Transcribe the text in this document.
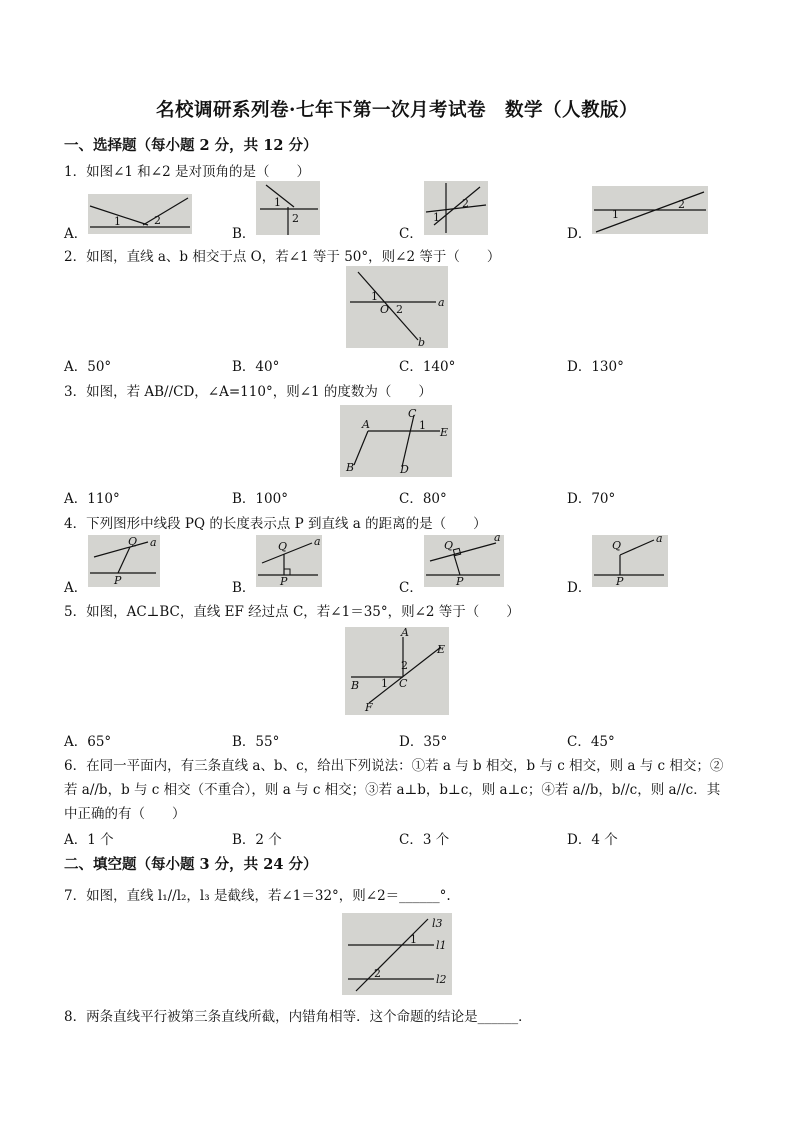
名校调研系列卷·七年下第一次月考试卷　数学（人教版）
一、选择题（每小题 2 分，共 12 分）
1．如图∠1 和∠2 是对顶角的是（　　）
A．	B．	C．	D．
1	2
1
2	1
2
1
2
2．如图，直线 a、b 相交于点 O，若∠1 等于 50°，则∠2 等于（　　）
1
O 2
a
b
A．50°	B．40°	C．140°	D．130°
3．如图，若 AB//CD，∠A=110°，则∠1 的度数为（　　）
A
B
C
D
E
1
A．110°	B．100°	C．80°	D．70°
4．下列图形中线段 PQ 的长度表示点 P 到直线 a 的距离的是（　　）
A．	B．	C．	D．
Q a
P
Q a
P
Q
a
P
Q
a
P
5．如图，AC⊥BC，直线 EF 经过点 C，若∠1＝35°，则∠2 等于（　　）
A
E
2
B 1 C
F
A．65°	B．55°	D．35°	C．45°
6．在同一平面内，有三条直线 a、b、c，给出下列说法：①若 a 与 b 相交，b 与 c 相交，则 a 与 c 相交；②
若 a//b，b 与 c 相交（不重合），则 a 与 c 相交；③若 a⊥b，b⊥c，则 a⊥c；④若 a//b，b//c，则 a//c．其
中正确的有（　　）
A．1 个	B．2 个	C．3 个	D．4 个
二、填空题（每小题 3 分，共 24 分）
7．如图，直线 l₁//l₂，l₃ 是截线，若∠1＝32°，则∠2＝______°.
l3
l1
l2
1
2
8．两条直线平行被第三条直线所截，内错角相等．这个命题的结论是______．
